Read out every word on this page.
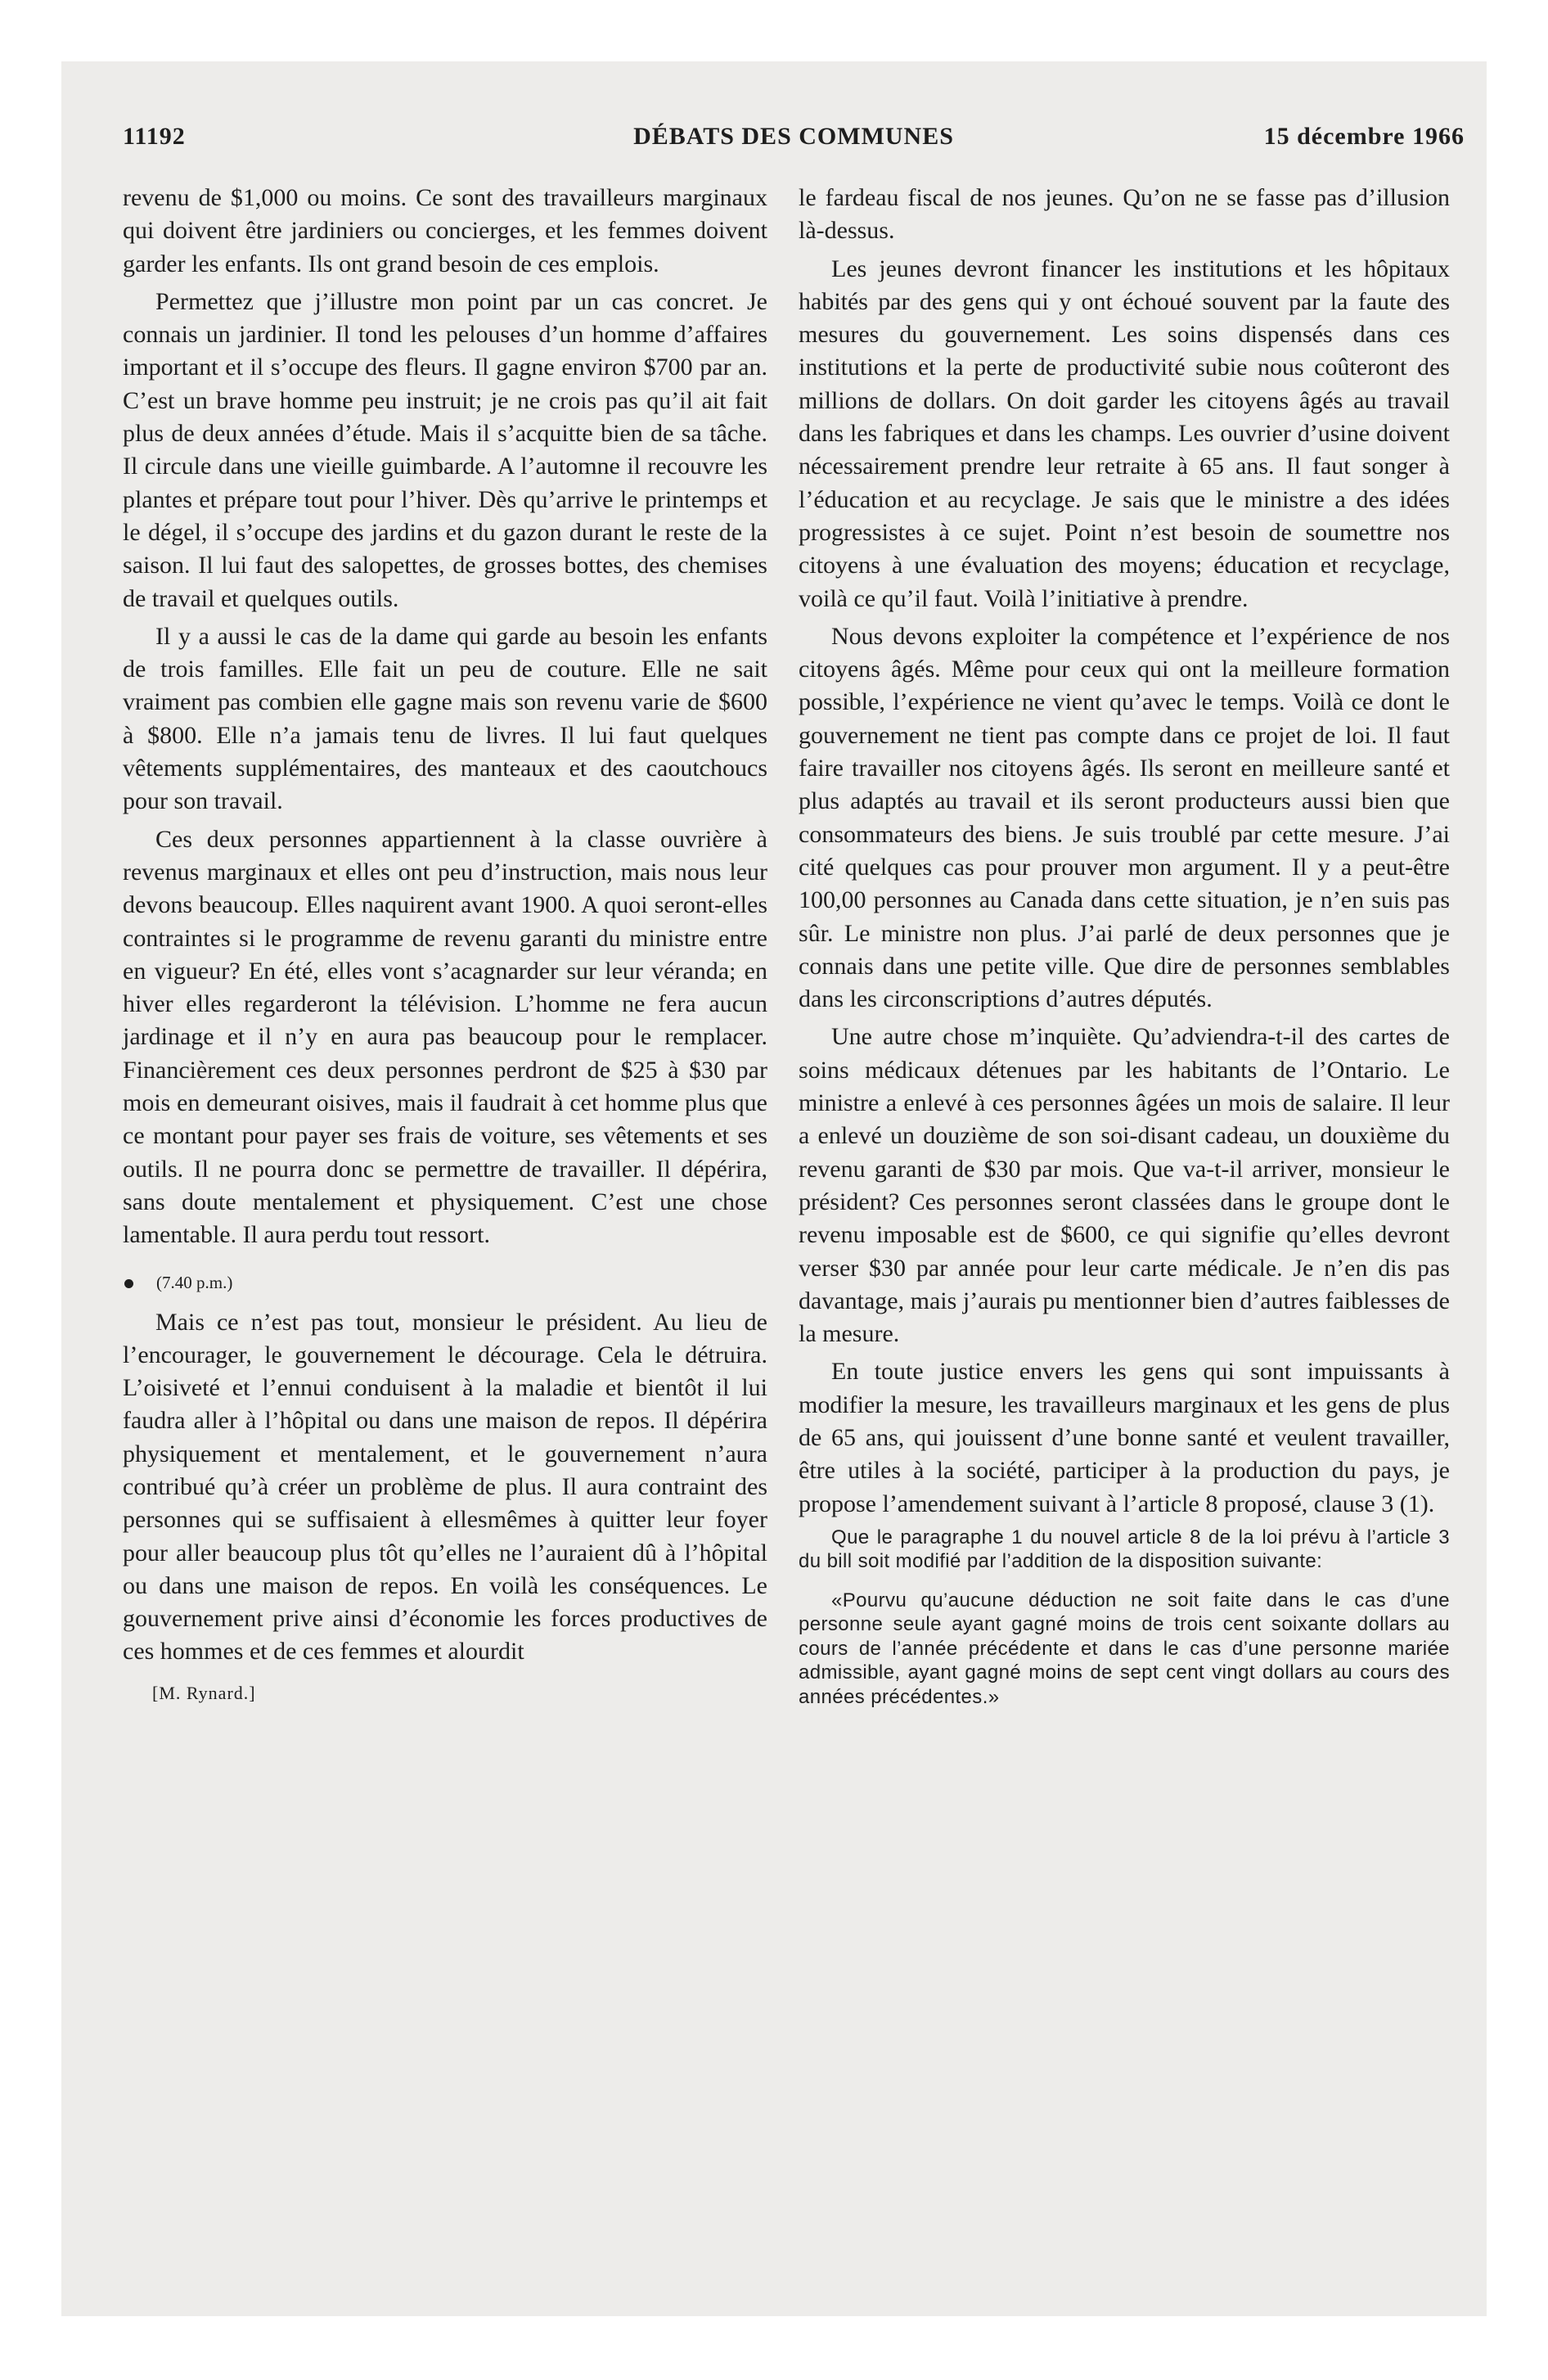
DÉBATS DES COMMUNES
11192	15 décembre 1966

revenu de $1,000 ou moins. Ce sont des travailleurs marginaux qui doivent être jardiniers ou concierges, et les femmes doivent garder les enfants. Ils ont grand besoin de ces emplois.

Permettez que j’illustre mon point par un cas concret. Je connais un jardinier. Il tond les pelouses d’un homme d’affaires important et il s’occupe des fleurs. Il gagne environ $700 par an. C’est un brave homme peu instruit; je ne crois pas qu’il ait fait plus de deux années d’étude. Mais il s’acquitte bien de sa tâche. Il circule dans une vieille guimbarde. A l’automne il recouvre les plantes et prépare tout pour l’hiver. Dès qu’arrive le printemps et le dégel, il s’occupe des jardins et du gazon durant le reste de la saison. Il lui faut des salopettes, de grosses bottes, des chemises de travail et quelques outils.

Il y a aussi le cas de la dame qui garde au besoin les enfants de trois familles. Elle fait un peu de couture. Elle ne sait vraiment pas combien elle gagne mais son revenu varie de $600 à $800. Elle n’a jamais tenu de livres. Il lui faut quelques vêtements supplémentaires, des manteaux et des caoutchoucs pour son travail.

Ces deux personnes appartiennent à la classe ouvrière à revenus marginaux et elles ont peu d’instruction, mais nous leur devons beaucoup. Elles naquirent avant 1900. A quoi seront-elles contraintes si le programme de revenu garanti du ministre entre en vigueur? En été, elles vont s’acagnarder sur leur véranda; en hiver elles regarderont la télévision. L’homme ne fera aucun jardinage et il n’y en aura pas beaucoup pour le remplacer. Financièrement ces deux personnes perdront de $25 à $30 par mois en demeurant oisives, mais il faudrait à cet homme plus que ce montant pour payer ses frais de voiture, ses vêtements et ses outils. Il ne pourra donc se permettre de travailler. Il dépérira, sans doute mentalement et physiquement. C’est une chose lamentable. Il aura perdu tout ressort.

(7.40 p.m.)

Mais ce n’est pas tout, monsieur le président. Au lieu de l’encourager, le gouvernement le décourage. Cela le détruira. L’oisiveté et l’ennui conduisent à la maladie et bientôt il lui faudra aller à l’hôpital ou dans une maison de repos. Il dépérira physiquement et mentalement, et le gouvernement n’aura contribué qu’à créer un problème de plus. Il aura contraint des personnes qui se suffisaient à ellesmêmes à quitter leur foyer pour aller beaucoup plus tôt qu’elles ne l’auraient dû à l’hôpital ou dans une maison de repos. En voilà les conséquences. Le gouvernement prive ainsi d’économie les forces productives de ces hommes et de ces femmes et alourdit

[M. Rynard.]

le fardeau fiscal de nos jeunes. Qu’on ne se fasse pas d’illusion là-dessus.

Les jeunes devront financer les institutions et les hôpitaux habités par des gens qui y ont échoué souvent par la faute des mesures du gouvernement. Les soins dispensés dans ces institutions et la perte de productivité subie nous coûteront des millions de dollars. On doit garder les citoyens âgés au travail dans les fabriques et dans les champs. Les ouvrier d’usine doivent nécessairement prendre leur retraite à 65 ans. Il faut songer à l’éducation et au recyclage. Je sais que le ministre a des idées progressistes à ce sujet. Point n’est besoin de soumettre nos citoyens à une évaluation des moyens; éducation et recyclage, voilà ce qu’il faut. Voilà l’initiative à prendre.

Nous devons exploiter la compétence et l’expérience de nos citoyens âgés. Même pour ceux qui ont la meilleure formation possible, l’expérience ne vient qu’avec le temps. Voilà ce dont le gouvernement ne tient pas compte dans ce projet de loi. Il faut faire travailler nos citoyens âgés. Ils seront en meilleure santé et plus adaptés au travail et ils seront producteurs aussi bien que consommateurs des biens. Je suis troublé par cette mesure. J’ai cité quelques cas pour prouver mon argument. Il y a peut-être 100,00 personnes au Canada dans cette situation, je n’en suis pas sûr. Le ministre non plus. J’ai parlé de deux personnes que je connais dans une petite ville. Que dire de personnes semblables dans les circonscriptions d’autres députés.

Une autre chose m’inquiète. Qu’adviendra-t-il des cartes de soins médicaux détenues par les habitants de l’Ontario. Le ministre a enlevé à ces personnes âgées un mois de salaire. Il leur a enlevé un douzième de son soi-disant cadeau, un douxième du revenu garanti de $30 par mois. Que va-t-il arriver, monsieur le président? Ces personnes seront classées dans le groupe dont le revenu imposable est de $600, ce qui signifie qu’elles devront verser $30 par année pour leur carte médicale. Je n’en dis pas davantage, mais j’aurais pu mentionner bien d’autres faiblesses de la mesure.

En toute justice envers les gens qui sont impuissants à modifier la mesure, les travailleurs marginaux et les gens de plus de 65 ans, qui jouissent d’une bonne santé et veulent travailler, être utiles à la société, participer à la production du pays, je propose l’amendement suivant à l’article 8 proposé, clause 3 (1).

Que le paragraphe 1 du nouvel article 8 de la loi prévu à l’article 3 du bill soit modifié par l’addition de la disposition suivante:

«Pourvu qu’aucune déduction ne soit faite dans le cas d’une personne seule ayant gagné moins de trois cent soixante dollars au cours de l’année précédente et dans le cas d’une personne mariée admissible, ayant gagné moins de sept cent vingt dollars au cours des années précédentes.»
